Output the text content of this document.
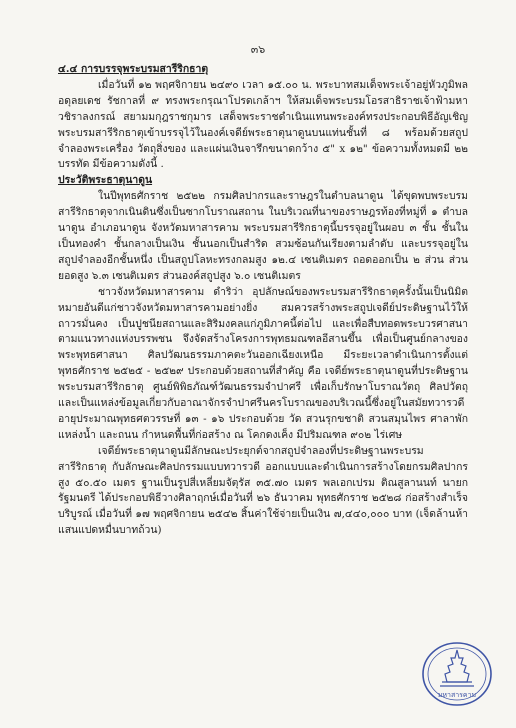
๓๖

๔.๔ การบรรจุพระบรมสารีริกธาตุ

เมื่อวันที่ ๑๒ พฤศจิกายน ๒๔๙๐ เวลา ๑๕.๐๐ น. พระบาทสมเด็จพระเจ้าอยู่หัวภูมิพลอดุลยเดช รัชกาลที่ ๙ ทรงพระกรุณาโปรดเกล้าฯ ให้สมเด็จพระบรมโอรสาธิราชเจ้าฟ้ามหาวชิราลงกรณ์ สยามมกุฎราชกุมาร เสด็จพระราชดำเนินแทนพระองค์ทรงประกอบพิธีอัญเชิญพระบรมสารีริกธาตุเข้าบรรจุไว้ในองค์เจดีย์พระธาตุนาดูนบนแท่นชั้นที่ ๘ พร้อมด้วยสถูปจำลองพระเครื่อง วัตถุสิ่งของ และแผ่นเงินจารึกขนาดกว้าง ๕" x ๑๒" ข้อความทั้งหมดมี ๒๒ บรรทัด มีข้อความดังนี้ .

ประวัติพระธาตุนาดูน

ในปีพุทธศักราช ๒๕๒๒ กรมศิลปากรและราษฎรในตำบลนาดูน ได้ขุดพบพระบรมสารีริกธาตุจากเนินดินซึ่งเป็นซากโบราณสถาน ในบริเวณที่นาของราษฎรท้องที่หมู่ที่ ๑ ตำบลนาดูน อำเภอนาดูน จังหวัดมหาสารคาม พระบรมสารีริกธาตุนี้บรรจุอยู่ในผอบ ๓ ชั้น ชั้นในเป็นทองคำ ชั้นกลางเป็นเงิน ชั้นนอกเป็นสำริด สวมซ้อนกันเรียงตามลำดับ และบรรจุอยู่ในสถูปจำลองอีกชั้นหนึ่ง เป็นสถูปโลหะทรงกลมสูง ๑๒.๔ เซนติเมตร ถอดออกเป็น ๒ ส่วน ส่วนยอดสูง ๖.๓ เซนติเมตร ส่วนองค์สถูปสูง ๖.๐ เซนติเมตร

ชาวจังหวัดมหาสารคาม ดำริว่า อุปลักษณ์ของพระบรมสารีริกธาตุครั้งนั้นเป็นนิมิตหมายอันดีแก่ชาวจังหวัดมหาสารคามอย่างยิ่ง สมควรสร้างพระสถูปเจดีย์ประดิษฐานไว้ให้ถาวรมั่นคง เป็นปูชนียสถานและสิริมงคลแก่ภูมิภาคนี้ต่อไป และเพื่อสืบทอดพระบวรศาสนาตามแนวทางแห่งบรรพชน จึงจัดสร้างโครงการพุทธมณฑลอีสานขึ้น เพื่อเป็นศูนย์กลางของพระพุทธศาสนา ศิลปวัฒนธรรมภาคตะวันออกเฉียงเหนือ มีระยะเวลาดำเนินการตั้งแต่ พุทธศักราช ๒๕๒๕ - ๒๕๒๙ ประกอบด้วยสถานที่สำคัญ คือ เจดีย์พระธาตุนาดูนที่ประดิษฐานพระบรมสารีริกธาตุ ศูนย์พิพิธภัณฑ์วัฒนธรรมจำปาศรี เพื่อเก็บรักษาโบราณวัตถุ ศิลปวัตถุ และเป็นแหล่งข้อมูลเกี่ยวกับอาณาจักรจำปาศรีนครโบราณของบริเวณนี้ซึ่งอยู่ในสมัยทวารวดี อายุประมาณพุทธศตวรรษที่ ๑๓ - ๑๖ ประกอบด้วย วัด สวนรุกขชาติ สวนสมุนไพร ศาลาพัก แหล่งน้ำ และถนน กำหนดพื้นที่ก่อสร้าง ณ โคกดงเค็ง มีปริมณฑล ๙๐๒ ไร่เศษ

เจดีย์พระธาตุนาดูนมีลักษณะประยุกต์จากสถูปจำลองที่ประดิษฐานพระบรมสารีริกธาตุ กับลักษณะศิลปกรรมแบบทวารวดี ออกแบบและดำเนินการสร้างโดยกรมศิลปากร สูง ๕๐.๕๐ เมตร ฐานเป็นรูปสี่เหลี่ยมจัตุรัส ๓๕.๗๐ เมตร พลเอกเปรม ติณสูลานนท์ นายกรัฐมนตรี ได้ประกอบพิธีวางศิลาฤกษ์เมื่อวันที่ ๒๖ ธันวาคม พุทธศักราช ๒๕๒๘ ก่อสร้างสำเร็จบริบูรณ์ เมื่อวันที่ ๑๗ พฤศจิกายน ๒๕๔๒ สิ้นค่าใช้จ่ายเป็นเงิน ๗,๔๔๐,๐๐๐ บาท (เจ็ดล้านห้าแสนแปดหมื่นบาทถ้วน)

มหาสารคาม
